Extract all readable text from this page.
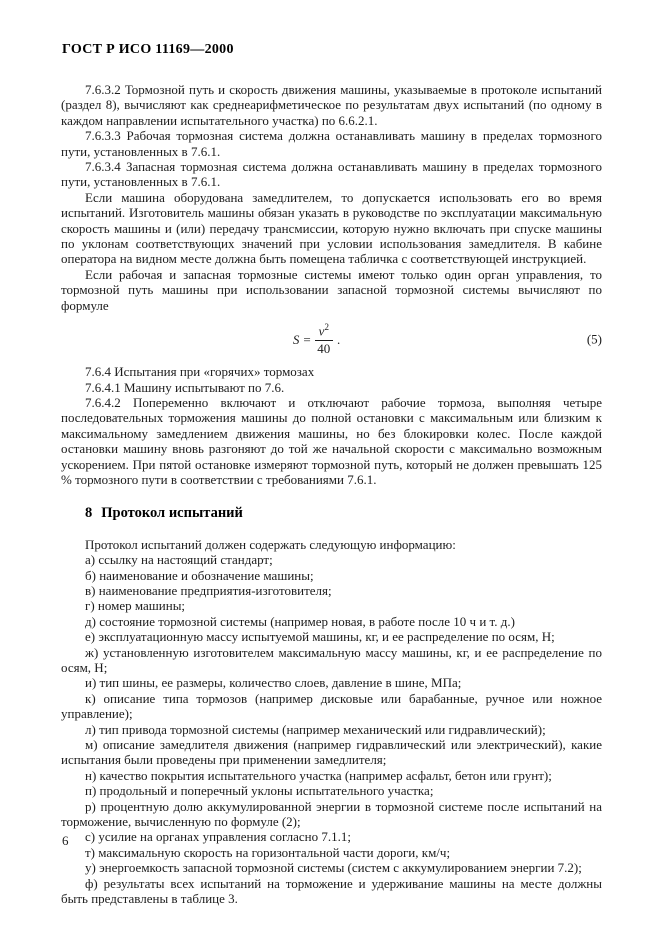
ГОСТ Р ИСО 11169—2000

7.6.3.2 Тормозной путь и скорость движения машины, указываемые в протоколе испытаний (раздел 8), вычисляют как среднеарифметическое по результатам двух испытаний (по одному в каждом направлении испытательного участка) по 6.6.2.1.

7.6.3.3 Рабочая тормозная система должна останавливать машину в пределах тормозного пути, установленных в 7.6.1.

7.6.3.4 Запасная тормозная система должна останавливать машину в пределах тормозного пути, установленных в 7.6.1.

Если машина оборудована замедлителем, то допускается использовать его во время испытаний. Изготовитель машины обязан указать в руководстве по эксплуатации максимальную скорость машины и (или) передачу трансмиссии, которую нужно включать при спуске машины по уклонам соответствующих значений при условии использования замедлителя. В кабине оператора на видном месте должна быть помещена табличка с соответствующей инструкцией.

Если рабочая и запасная тормозные системы имеют только один орган управления, то тормозной путь машины при использовании запасной тормозной системы вычисляют по формуле

$S = \frac{v^2}{40}$ .	(5)

7.6.4 Испытания при «горячих» тормозах

7.6.4.1 Машину испытывают по 7.6.

7.6.4.2 Попеременно включают и отключают рабочие тормоза, выполняя четыре последовательных торможения машины до полной остановки с максимальным или близким к максимальному замедлением движения машины, но без блокировки колес. После каждой остановки машину вновь разгоняют до той же начальной скорости с максимально возможным ускорением. При пятой остановке измеряют тормозной путь, который не должен превышать 125 % тормозного пути в соответствии с требованиями 7.6.1.

8 Протокол испытаний

Протокол испытаний должен содержать следующую информацию:

а) ссылку на настоящий стандарт;

б) наименование и обозначение машины;

в) наименование предприятия-изготовителя;

г) номер машины;

д) состояние тормозной системы (например новая, в работе после 10 ч и т. д.)

е) эксплуатационную массу испытуемой машины, кг, и ее распределение по осям, Н;

ж) установленную изготовителем максимальную массу машины, кг, и ее распределение по осям, Н;

и) тип шины, ее размеры, количество слоев, давление в шине, МПа;

к) описание типа тормозов (например дисковые или барабанные, ручное или ножное управление);

л) тип привода тормозной системы (например механический или гидравлический);

м) описание замедлителя движения (например гидравлический или электрический), какие испытания были проведены при применении замедлителя;

н) качество покрытия испытательного участка (например асфальт, бетон или грунт);

п) продольный и поперечный уклоны испытательного участка;

р) процентную долю аккумулированной энергии в тормозной системе после испытаний на торможение, вычисленную по формуле (2);

с) усилие на органах управления согласно 7.1.1;

т) максимальную скорость на горизонтальной части дороги, км/ч;

у) энергоемкость запасной тормозной системы (систем с аккумулированием энергии 7.2);

ф) результаты всех испытаний на торможение и удерживание машины на месте должны быть представлены в таблице 3.

6
